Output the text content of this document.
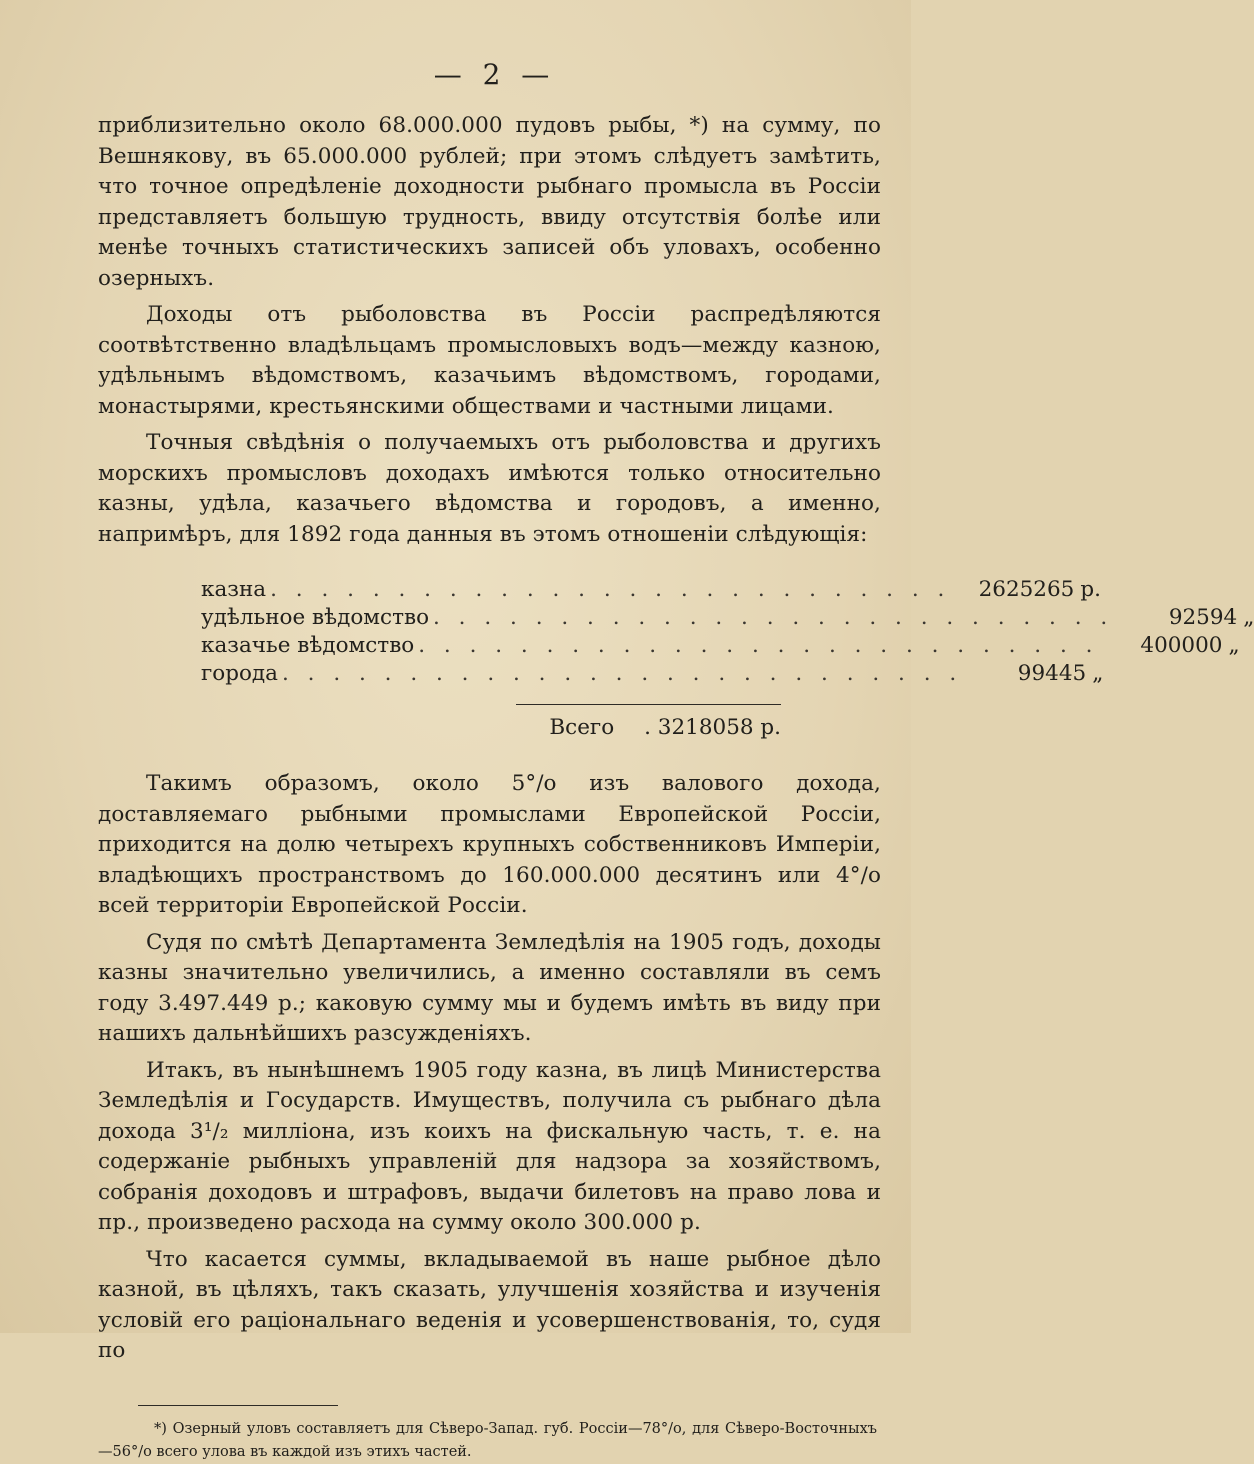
— 2 —

приблизительно около 68.000.000 пудовъ рыбы, *) на сумму, по Вешнякову, въ 65.000.000 рублей; при этомъ слѣдуетъ замѣтить, что точное опредѣленіе доходности рыбнаго промысла въ Россіи представляетъ большую трудность, ввиду отсутствія болѣе или менѣе точныхъ статистическихъ записей объ уловахъ, особенно озерныхъ.

Доходы отъ рыболовства въ Россіи распредѣляются соотвѣтственно владѣльцамъ промысловыхъ водъ—между казною, удѣльнымъ вѣдомствомъ, казачьимъ вѣдомствомъ, городами, монастырями, крестьянскими обществами и частными лицами.

Точныя свѣдѣнія о получаемыхъ отъ рыболовства и другихъ морскихъ промысловъ доходахъ имѣются только относительно казны, удѣла, казачьего вѣдомства и городовъ, а именно, напримѣръ, для 1892 года данныя въ этомъ отношеніи слѣдующія:

казна . . . . . . . . . . . . . . . . . . . . . . . . . . .	2625265 р.
удѣльное вѣдомство . . . . . . . . . . . . . . . . . . . . . . . . . . .	92594 „
казачье вѣдомство . . . . . . . . . . . . . . . . . . . . . . . . . . .	400000 „
города . . . . . . . . . . . . . . . . . . . . . . . . . . .	99445 „
Всего . 3218058 р.

Такимъ образомъ, около 5°/о изъ валового дохода, доставляемаго рыбными промыслами Европейской Россіи, приходится на долю четырехъ крупныхъ собственниковъ Имперіи, владѣющихъ пространствомъ до 160.000.000 десятинъ или 4°/о всей территоріи Европейской Россіи.

Судя по смѣтѣ Департамента Земледѣлія на 1905 годъ, доходы казны значительно увеличились, а именно составляли въ семъ году 3.497.449 р.; каковую сумму мы и будемъ имѣть въ виду при нашихъ дальнѣйшихъ разсужденіяхъ.

Итакъ, въ нынѣшнемъ 1905 году казна, въ лицѣ Министерства Земледѣлія и Государств. Имуществъ, получила съ рыбнаго дѣла дохода 3¹/₂ милліона, изъ коихъ на фискальную часть, т. е. на содержаніе рыбныхъ управленій для надзора за хозяйствомъ, собранія доходовъ и штрафовъ, выдачи билетовъ на право лова и пр., произведено расхода на сумму около 300.000 р.

Что касается суммы, вкладываемой въ наше рыбное дѣло казной, въ цѣляхъ, такъ сказать, улучшенія хозяйства и изученія условій его раціональнаго веденія и усовершенствованія, то, судя по

*) Озерный уловъ составляетъ для Сѣверо-Запад. губ. Россіи—78°/о, для Сѣверо-Восточныхъ—56°/о всего улова въ каждой изъ этихъ частей.
